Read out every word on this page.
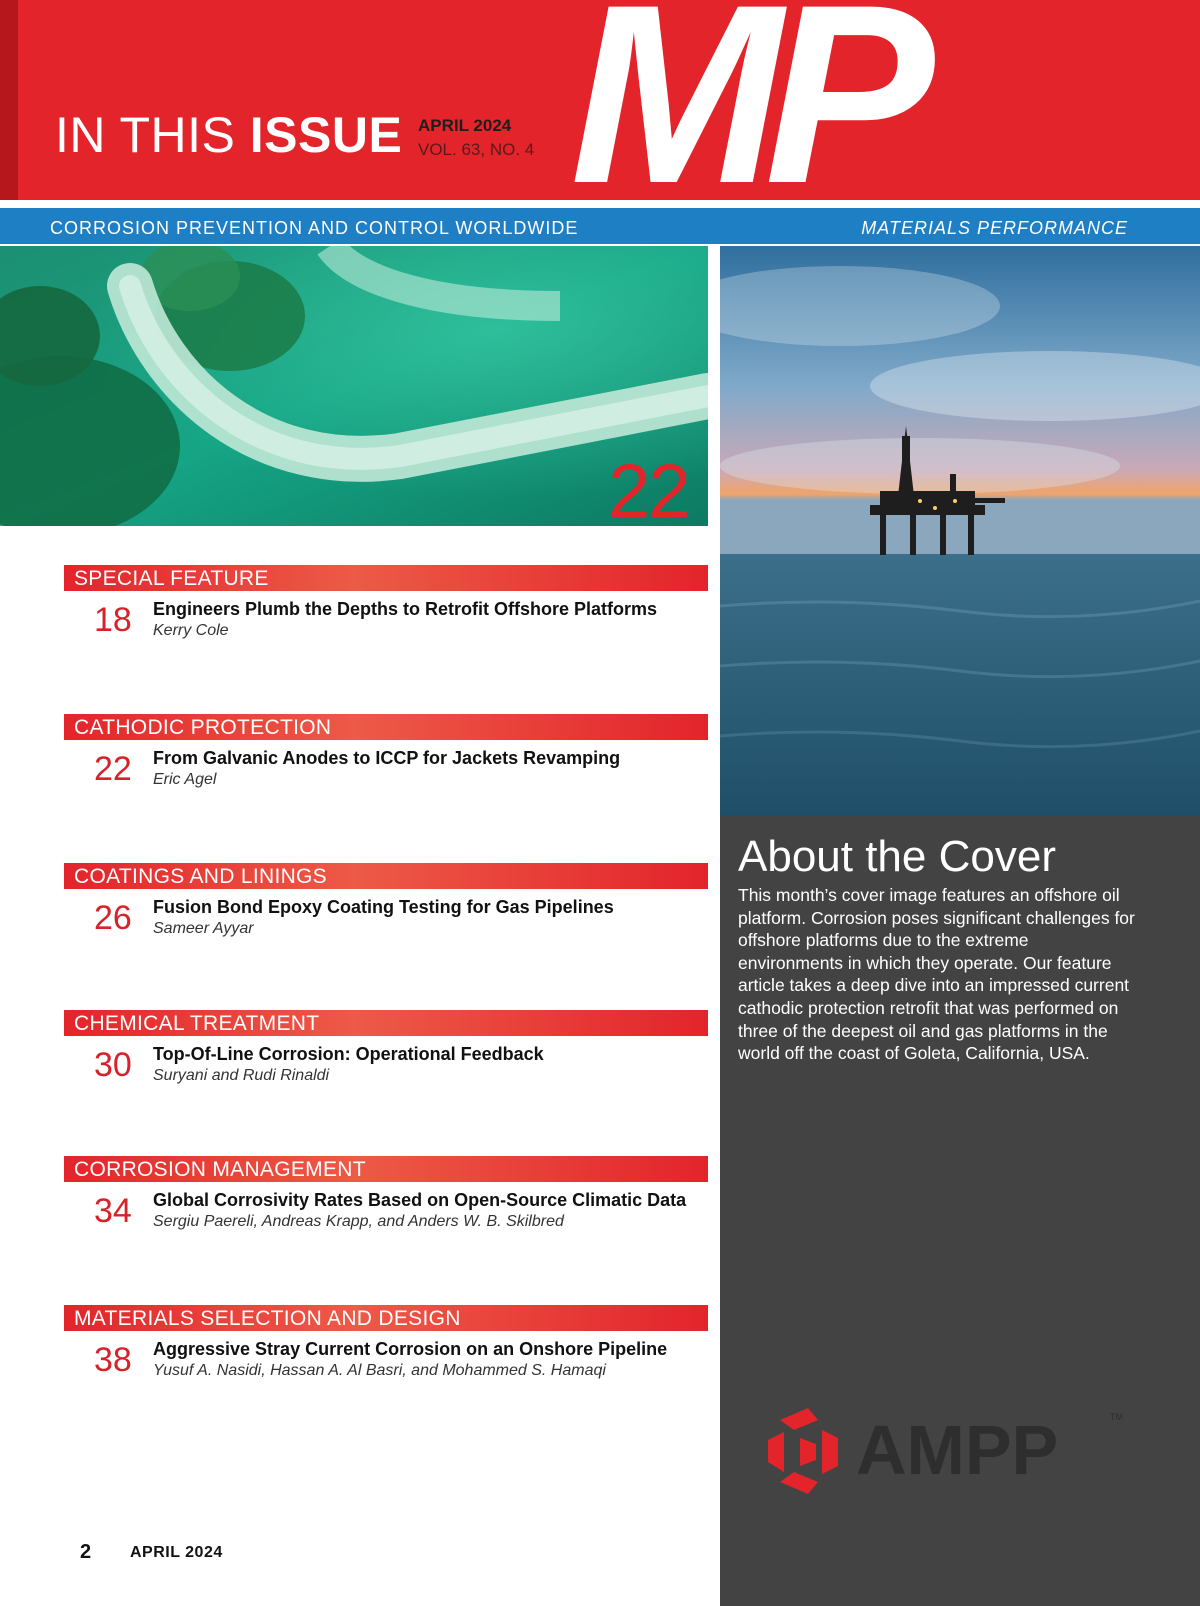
MP
IN THIS ISSUE APRIL 2024
VOL. 63, NO. 4
CORROSION PREVENTION AND CONTROL WORLDWIDE	MATERIALS PERFORMANCE
22
About the Cover
This month’s cover image features an offshore oil platform. Corrosion poses significant challenges for offshore platforms due to the extreme environments in which they operate. Our feature article takes a deep dive into an impressed current cathodic protection retrofit that was performed on three of the deepest oil and gas platforms in the world off the coast of Goleta, California, USA.
AMPP	TM
SPECIAL FEATURE
18 Engineers Plumb the Depths to Retrofit Offshore Platforms
Kerry Cole
CATHODIC PROTECTION
22 From Galvanic Anodes to ICCP for Jackets Revamping
Eric Agel
COATINGS AND LININGS
26 Fusion Bond Epoxy Coating Testing for Gas Pipelines
Sameer Ayyar
CHEMICAL TREATMENT
30 Top-Of-Line Corrosion: Operational Feedback
Suryani and Rudi Rinaldi
CORROSION MANAGEMENT
34 Global Corrosivity Rates Based on Open-Source Climatic Data
Sergiu Paereli, Andreas Krapp, and Anders W. B. Skilbred
MATERIALS SELECTION AND DESIGN
38 Aggressive Stray Current Corrosion on an Onshore Pipeline
Yusuf A. Nasidi, Hassan A. Al Basri, and Mohammed S. Hamaqi
2 APRIL 2024
